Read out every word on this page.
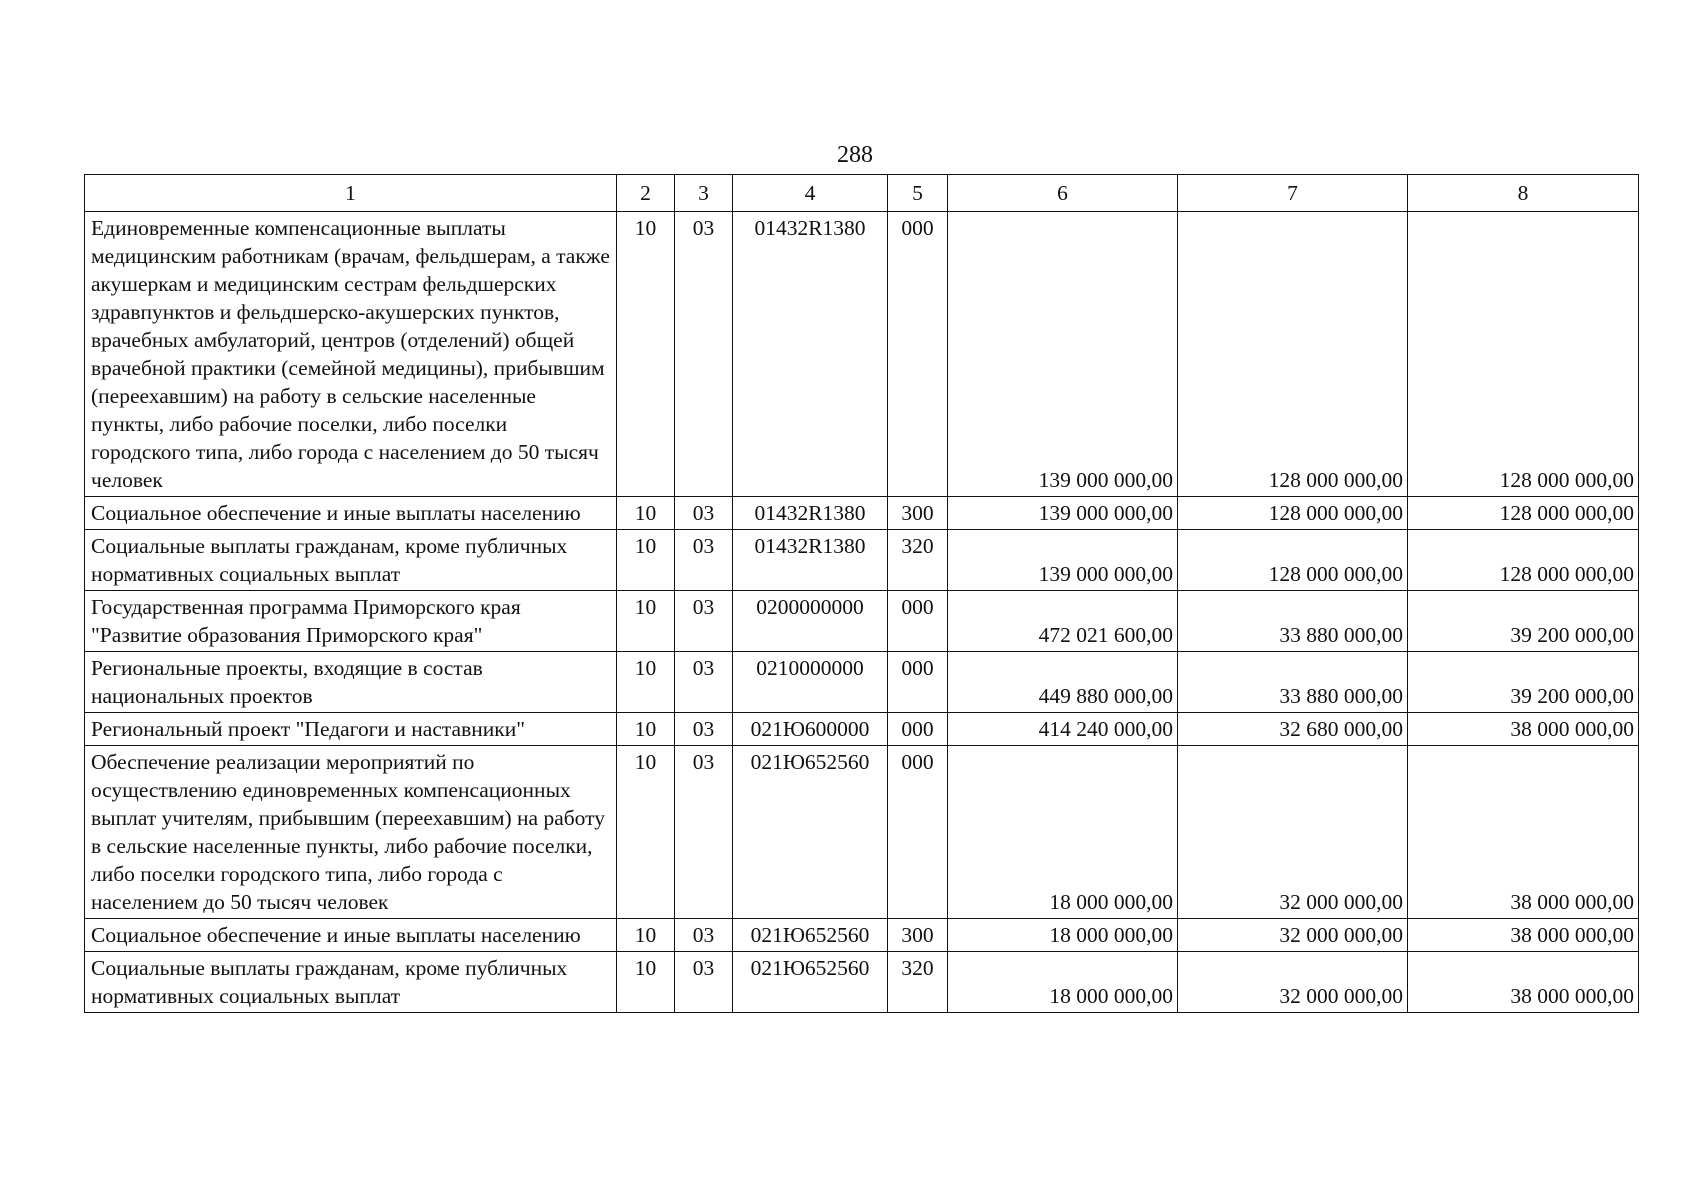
288
1	2	3	4	5	6	7	8
Единовременные компенсационные выплаты медицинским работникам (врачам, фельдшерам, а также акушеркам и медицинским сестрам фельдшерских здравпунктов и фельдшерско-акушерских пунктов, врачебных амбулаторий, центров (отделений) общей врачебной практики (семейной медицины), прибывшим (переехавшим) на работу в сельские населенные пункты, либо рабочие поселки, либо поселки городского типа, либо города с населением до 50 тысяч человек	10	03	01432R1380	000	139 000 000,00	128 000 000,00	128 000 000,00
Социальное обеспечение и иные выплаты населению	10	03	01432R1380	300	139 000 000,00	128 000 000,00	128 000 000,00
Социальные выплаты гражданам, кроме публичных нормативных социальных выплат	10	03	01432R1380	320	139 000 000,00	128 000 000,00	128 000 000,00
Государственная программа Приморского края "Развитие образования Приморского края"	10	03	0200000000	000	472 021 600,00	33 880 000,00	39 200 000,00
Региональные проекты, входящие в состав национальных проектов	10	03	0210000000	000	449 880 000,00	33 880 000,00	39 200 000,00
Региональный проект "Педагоги и наставники"	10	03	021Ю600000	000	414 240 000,00	32 680 000,00	38 000 000,00
Обеспечение реализации мероприятий по осуществлению единовременных компенсационных выплат учителям, прибывшим (переехавшим) на работу в сельские населенные пункты, либо рабочие поселки, либо поселки городского типа, либо города с населением до 50 тысяч человек	10	03	021Ю652560	000	18 000 000,00	32 000 000,00	38 000 000,00
Социальное обеспечение и иные выплаты населению	10	03	021Ю652560	300	18 000 000,00	32 000 000,00	38 000 000,00
Социальные выплаты гражданам, кроме публичных нормативных социальных выплат	10	03	021Ю652560	320	18 000 000,00	32 000 000,00	38 000 000,00
